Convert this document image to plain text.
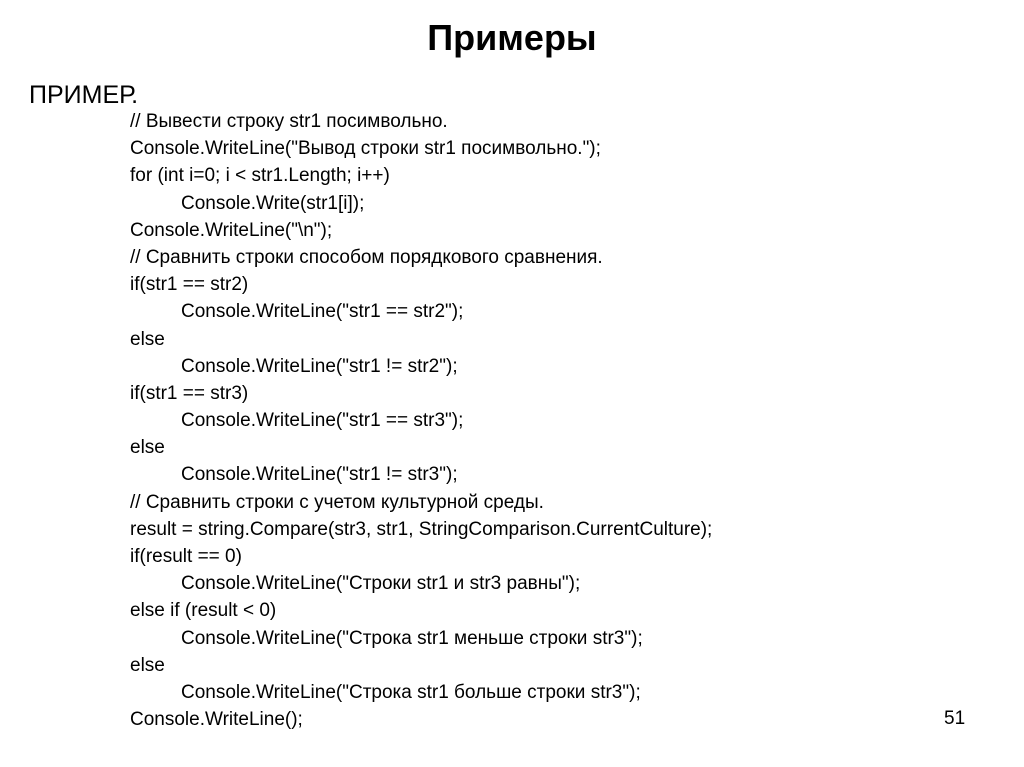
Примеры
ПРИМЕР.
// Вывести строку str1 посимвольно.
Console.WriteLine("Вывод строки str1 посимвольно.");
for (int i=0; i < str1.Length; i++)
Console.Write(str1[i]);
Console.WriteLine("\n");
// Сравнить строки способом порядкового сравнения.
if(str1 == str2)
Console.WriteLine("str1 == str2");
else
Console.WriteLine("str1 != str2");
if(str1 == str3)
Console.WriteLine("str1 == str3");
else
Console.WriteLine("str1 != str3");
// Сравнить строки с учетом культурной среды.
result = string.Compare(str3, str1, StringComparison.CurrentCulture);
if(result == 0)
Console.WriteLine("Строки str1 и str3 равны");
else if (result < 0)
Console.WriteLine("Строка str1 меньше строки str3");
else
Console.WriteLine("Строка str1 больше строки str3");
Console.WriteLine();	51
